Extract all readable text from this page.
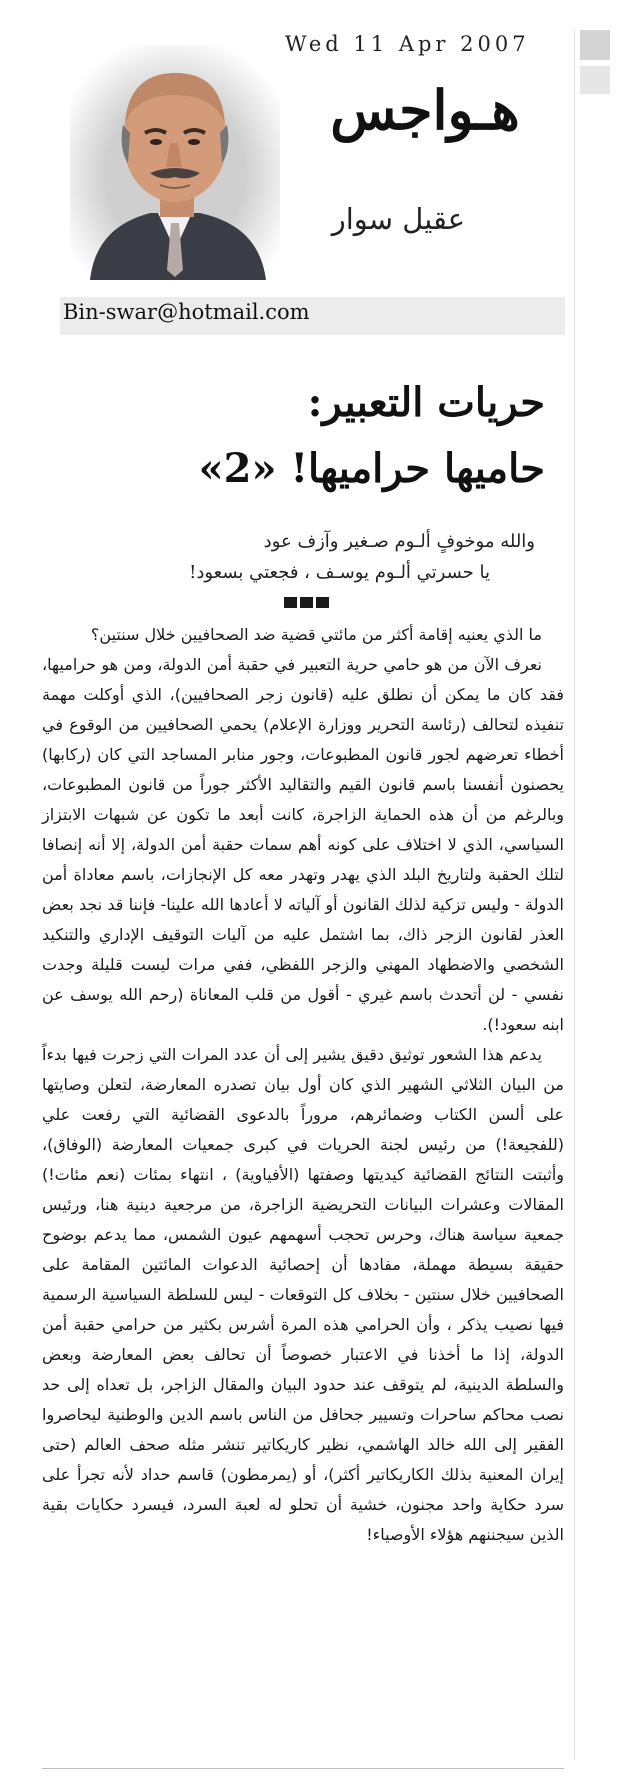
Wed 11 Apr 2007
هـواجس
عقيل سوار
Bin-swar@hotmail.com
حريات التعبير:
حاميها حراميها! «2»
والله موخوفٍ ألـوم صـغير وآزف عود
يا حسرتي ألـوم يوسـف ، فجعتي بسعود!

ما الذي يعنيه إقامة أكثر من مائتي قضية ضد الصحافيين خلال سنتين؟

نعرف الآن من هو حامي حرية التعبير في حقبة أمن الدولة، ومن هو حراميها، فقد كان ما يمكن أن نطلق عليه (قانون زجر الصحافيين)، الذي أوكلت مهمة تنفيذه لتحالف (رئاسة التحرير ووزارة الإعلام) يحمي الصحافيين من الوقوع في أخطاء تعرضهم لجور قانون المطبوعات، وجور منابر المساجد التي كان (ركابها) يحصنون أنفسنا باسم قانون القيم والتقاليد الأكثر جوراً من قانون المطبوعات، وبالرغم من أن هذه الحماية الزاجرة، كانت أبعد ما تكون عن شبهات الابتزاز السياسي، الذي لا اختلاف على كونه أهم سمات حقبة أمن الدولة، إلا أنه إنصافا لتلك الحقبة ولتاريخ البلد الذي يهدر وتهدر معه كل الإنجازات، باسم معاداة أمن الدولة - وليس تزكية لذلك القانون أو آلياته لا أعادها الله علينا- فإننا قد نجد بعض العذر لقانون الزجر ذاك، بما اشتمل عليه من آليات التوقيف الإداري والتنكيد الشخصي والاضطهاد المهني والزجر اللفظي، ففي مرات ليست قليلة وجدت نفسي - لن أتحدث باسم غيري - أقول من قلب المعاناة (رحم الله يوسف عن ابنه سعود!).

يدعم هذا الشعور توثيق دقيق يشير إلى أن عدد المرات التي زجرت فيها بدءاً من البيان الثلاثي الشهير الذي كان أول بيان تصدره المعارضة، لتعلن وصايتها على ألسن الكتاب وضمائرهم، مروراً بالدعوى القضائية التي رفعت علي (للفجيعة!) من رئيس لجنة الحريات في كبرى جمعيات المعارضة (الوفاق)، وأثبتت النتائج القضائية كيديتها وصفتها (الأفياوية) ، انتهاء بمئات (نعم مئات!) المقالات وعشرات البيانات التحريضية الزاجرة، من مرجعية دينية هنا، ورئيس جمعية سياسة هناك، وحرس تحجب أسهمهم عيون الشمس، مما يدعم بوضوح حقيقة بسيطة مهملة، مفادها أن إحصائية الدعوات المائتين المقامة على الصحافيين خلال سنتين - بخلاف كل التوقعات - ليس للسلطة السياسية الرسمية فيها نصيب يذكر ، وأن الحرامي هذه المرة أشرس بكثير من حرامي حقبة أمن الدولة، إذا ما أخذنا في الاعتبار خصوصاً أن تحالف بعض المعارضة وبعض والسلطة الدينية، لم يتوقف عند حدود البيان والمقال الزاجر، بل تعداه إلى حد نصب محاكم ساحرات وتسيير جحافل من الناس باسم الدين والوطنية ليحاصروا الفقير إلى الله خالد الهاشمي، نظير كاريكاتير تنشر مثله صحف العالم (حتى إيران المعنية بذلك الكاريكاتير أكثر)، أو (يمرمطون) قاسم حداد لأنه تجرأ على سرد حكاية واحد مجنون، خشية أن تحلو له لعبة السرد، فيسرد حكايات بقية الذين سيجننهم هؤلاء الأوصياء!
